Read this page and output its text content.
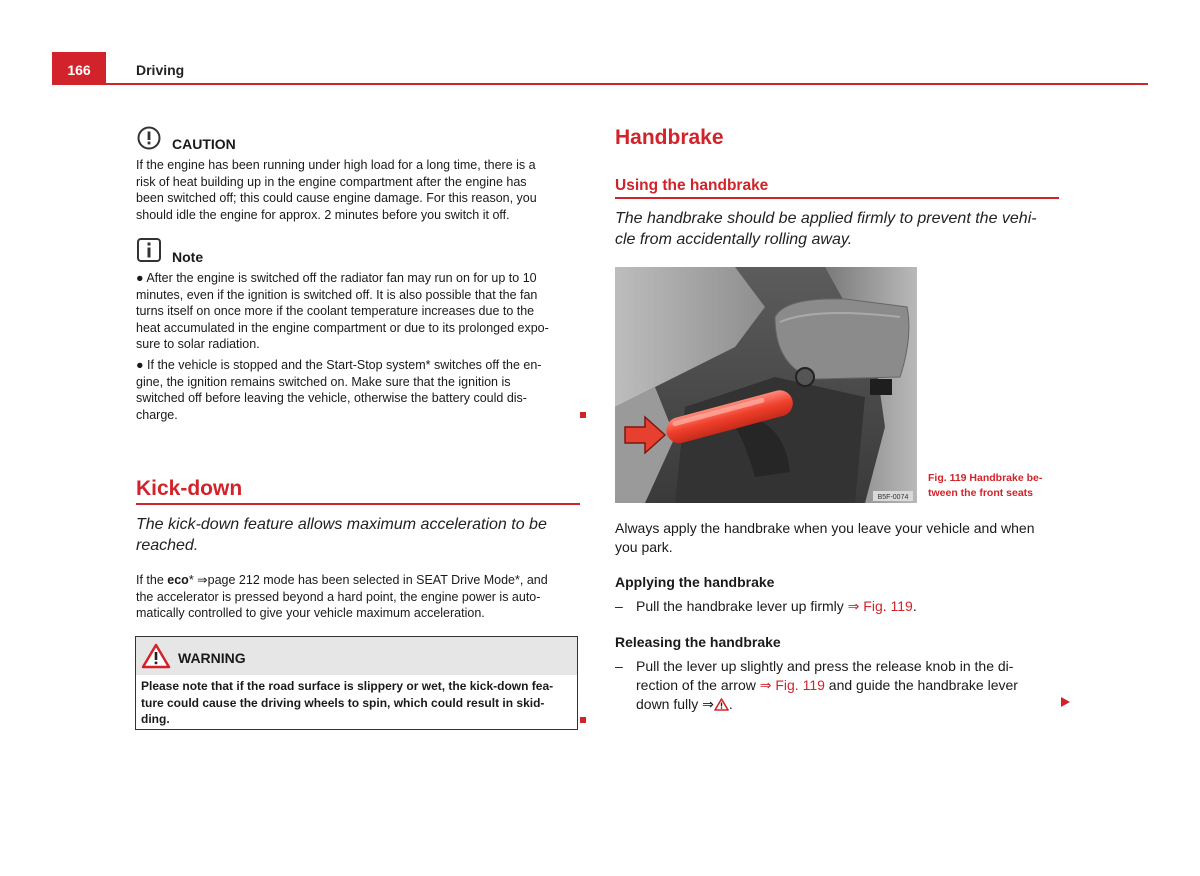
166	Driving
CAUTION
If the engine has been running under high load for a long time, there is a
risk of heat building up in the engine compartment after the engine has
been switched off; this could cause engine damage. For this reason, you
should idle the engine for approx. 2 minutes before you switch it off.
Note
● After the engine is switched off the radiator fan may run on for up to 10
minutes, even if the ignition is switched off. It is also possible that the fan
turns itself on once more if the coolant temperature increases due to the
heat accumulated in the engine compartment or due to its prolonged expo-
sure to solar radiation.
● If the vehicle is stopped and the Start-Stop system* switches off the en-
gine, the ignition remains switched on. Make sure that the ignition is
switched off before leaving the vehicle, otherwise the battery could dis-
charge.
Kick-down
The kick-down feature allows maximum acceleration to be
reached.
If the eco* ⇒page 212 mode has been selected in SEAT Drive Mode*, and
the accelerator is pressed beyond a hard point, the engine power is auto-
matically controlled to give your vehicle maximum acceleration.
WARNING
Please note that if the road surface is slippery or wet, the kick-down fea-
ture could cause the driving wheels to spin, which could result in skid-
ding.
Handbrake
Using the handbrake
The handbrake should be applied firmly to prevent the vehi-
cle from accidentally rolling away.
B5F-0074
Fig. 119 Handbrake be-
tween the front seats
Always apply the handbrake when you leave your vehicle and when
you park.
Applying the handbrake
– Pull the handbrake lever up firmly ⇒ Fig. 119.
Releasing the handbrake
– Pull the lever up slightly and press the release knob in the di-
rection of the arrow ⇒ Fig. 119 and guide the handbrake lever
down fully ⇒ .
